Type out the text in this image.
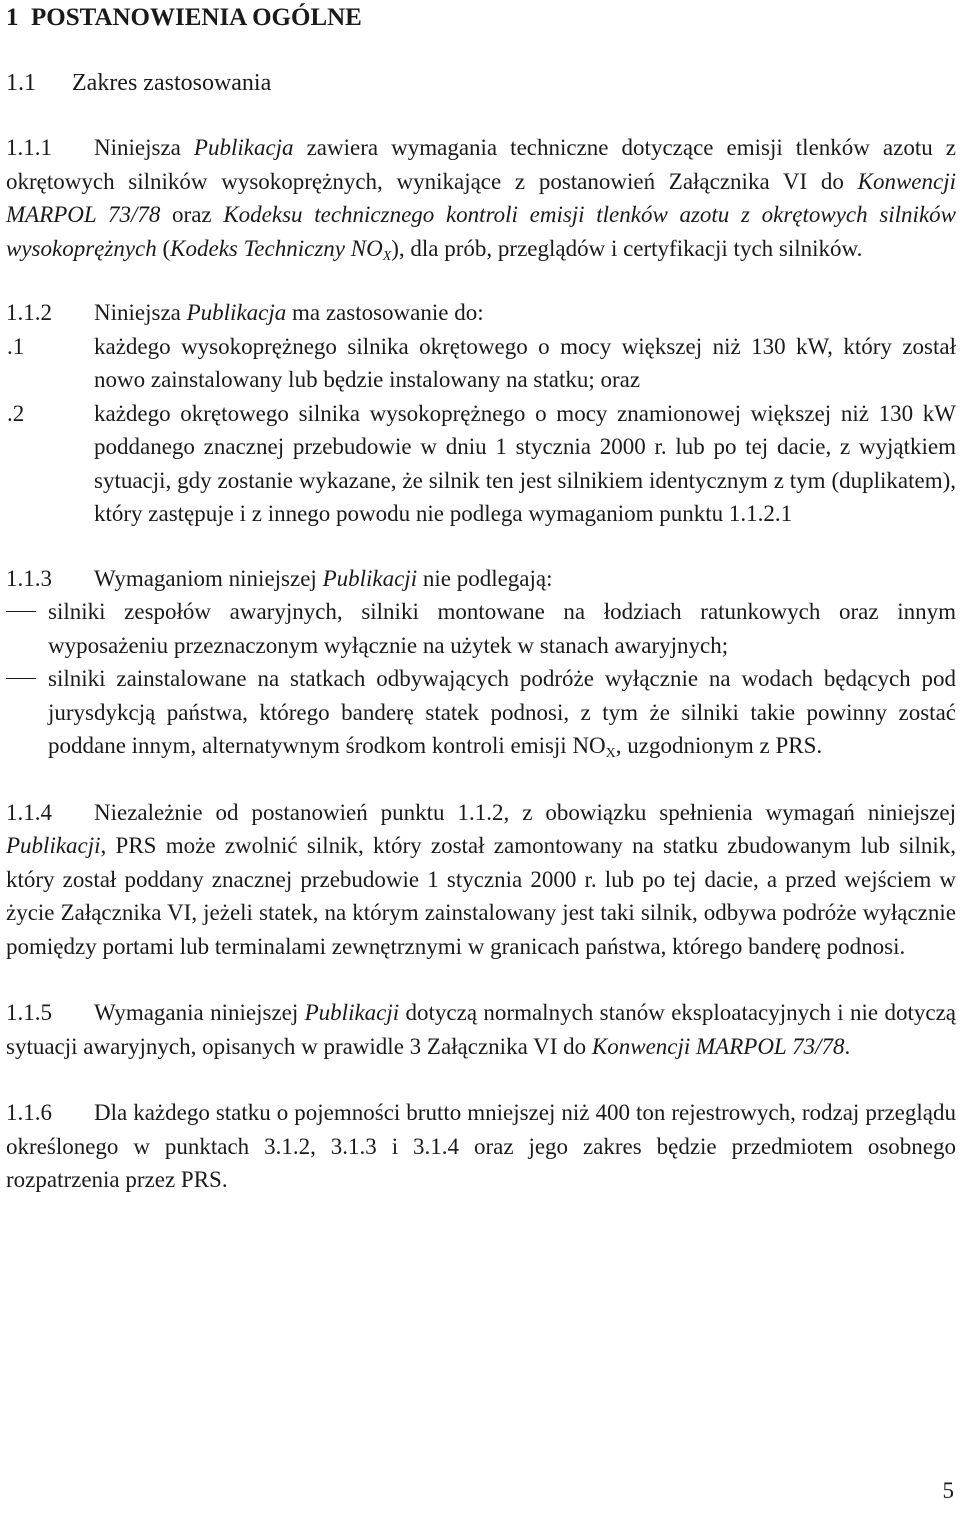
1 POSTANOWIENIA OGÓLNE
1.1 Zakres zastosowania
1.1.1 Niniejsza Publikacja zawiera wymagania techniczne dotyczące emisji tlenków azotu z okrętowych silników wysokoprężnych, wynikające z postanowień Załącznika VI do Konwencji MARPOL 73/78 oraz Kodeksu technicznego kontroli emisji tlenków azotu z okrętowych silników wysokoprężnych (Kodeks Techniczny $NO_X$), dla prób, przeglądów i certyfikacji tych silników.
1.1.2 Niniejsza Publikacja ma zastosowanie do:
.1	każdego wysokoprężnego silnika okrętowego o mocy większej niż 130 kW, który został nowo zainstalowany lub będzie instalowany na statku; oraz
.2	każdego okrętowego silnika wysokoprężnego o mocy znamionowej większej niż 130 kW poddanego znacznej przebudowie w dniu 1 stycznia 2000 r. lub po tej dacie, z wyjątkiem sytuacji, gdy zostanie wykazane, że silnik ten jest silnikiem identycznym z tym (duplikatem), który zastępuje i z innego powodu nie podlega wymaganiom punktu 1.1.2.1
1.1.3 Wymaganiom niniejszej Publikacji nie podlegają:
silniki zespołów awaryjnych, silniki montowane na łodziach ratunkowych oraz innym wyposażeniu przeznaczonym wyłącznie na użytek w stanach awaryjnych;
silniki zainstalowane na statkach odbywających podróże wyłącznie na wodach będących pod jurysdykcją państwa, którego banderę statek podnosi, z tym że silniki takie powinny zostać poddane innym, alternatywnym środkom kontroli emisji $NO_X$, uzgodnionym z PRS.
1.1.4 Niezależnie od postanowień punktu 1.1.2, z obowiązku spełnienia wymagań niniejszej Publikacji, PRS może zwolnić silnik, który został zamontowany na statku zbudowanym lub silnik, który został poddany znacznej przebudowie 1 stycznia 2000 r. lub po tej dacie, a przed wejściem w życie Załącznika VI, jeżeli statek, na którym zainstalowany jest taki silnik, odbywa podróże wyłącznie pomiędzy portami lub terminalami zewnętrznymi w granicach państwa, którego banderę podnosi.
1.1.5 Wymagania niniejszej Publikacji dotyczą normalnych stanów eksploatacyjnych i nie dotyczą sytuacji awaryjnych, opisanych w prawidle 3 Załącznika VI do Konwencji MARPOL 73/78.
1.1.6 Dla każdego statku o pojemności brutto mniejszej niż 400 ton rejestrowych, rodzaj przeglądu określonego w punktach 3.1.2, 3.1.3 i 3.1.4 oraz jego zakres będzie przedmiotem osobnego rozpatrzenia przez PRS.
5
